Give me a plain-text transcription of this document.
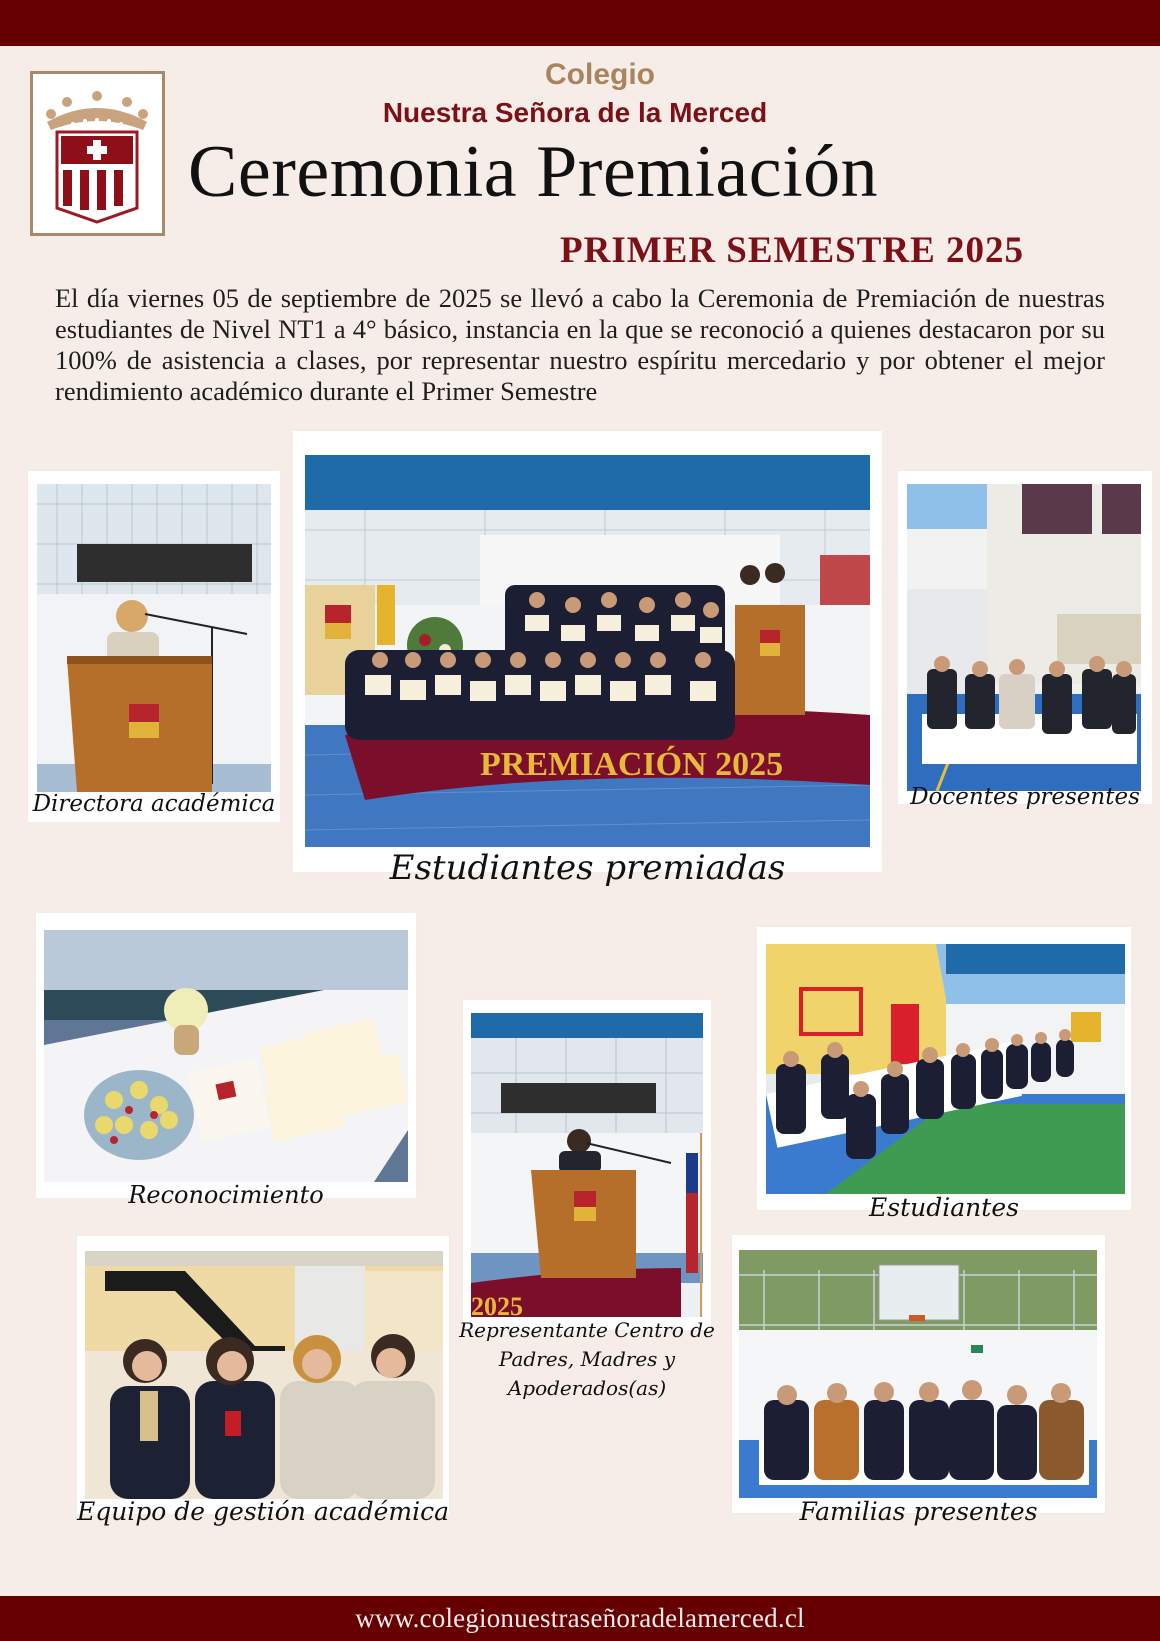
Colegio
Nuestra Señora de la Merced
Ceremonia Premiación
PRIMER SEMESTRE 2025

El día viernes 05 de septiembre de 2025 se llevó a cabo la Ceremonia de Premiación de nuestras estudiantes de Nivel NT1 a 4° básico, instancia en la que se reconoció a quienes destacaron por su 100% de asistencia a clases, por representar nuestro espíritu mercedario y por obtener el mejor rendimiento académico durante el Primer Semestre

Directora académica
PREMIACIÓN 2025
Estudiantes premiadas
Docentes presentes
Reconocimiento
2025
Representante Centro de
Padres, Madres y
Apoderados(as)
Estudiantes
Equipo de gestión académica	Familias presentes
www.colegionuestraseñoradelamerced.cl
